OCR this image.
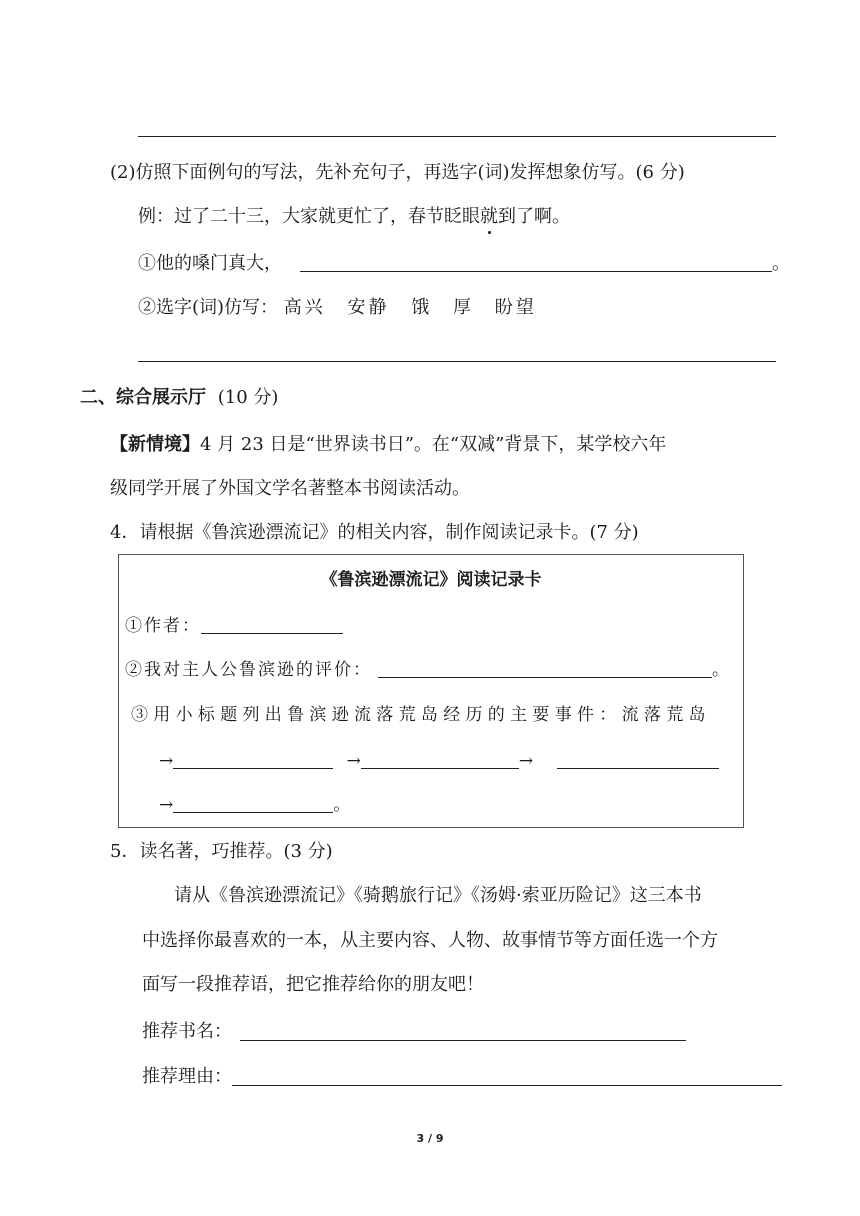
(2)仿照下面例句的写法，先补充句子，再选字(词)发挥想象仿写。(6 分)
例：过了二十三，大家就更忙了，春节眨眼就到了啊。
①他的嗓门真大，	。
②选字(词)仿写： 高兴 安静 饿 厚 盼望
二、综合展示厅 (10 分)
【新情境】4 月 23 日是“世界读书日”。在“双减”背景下，某学校六年
级同学开展了外国文学名著整本书阅读活动。
4．请根据《鲁滨逊漂流记》的相关内容，制作阅读记录卡。(7 分)
《鲁滨逊漂流记》阅读记录卡
①作者：
②我对主人公鲁滨逊的评价：	。
③用小标题列出鲁滨逊流落荒岛经历的主要事件：流落荒岛
→	→	→
→	。
5．读名著，巧推荐。(3 分)
请从《鲁滨逊漂流记》《骑鹅旅行记》《汤姆·索亚历险记》这三本书
中选择你最喜欢的一本，从主要内容、人物、故事情节等方面任选一个方
面写一段推荐语，把它推荐给你的朋友吧！
推荐书名：
推荐理由：
3 / 9
